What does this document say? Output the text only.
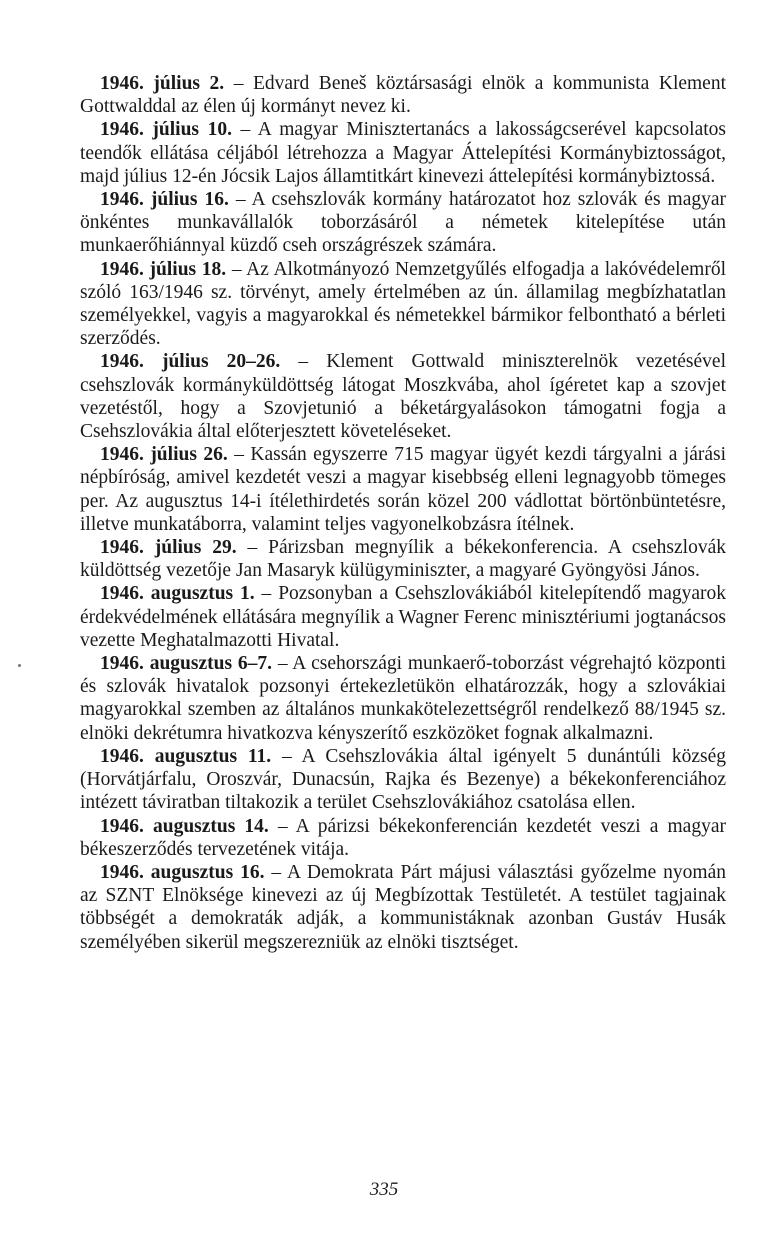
1946. július 2. – Edvard Beneš köztársasági elnök a kommunista Klement Gottwalddal az élen új kormányt nevez ki.

1946. július 10. – A magyar Minisztertanács a lakosságcserével kapcsolatos teendők ellátása céljából létrehozza a Magyar Áttelepítési Kormánybiztosságot, majd július 12-én Jócsik Lajos államtitkárt kinevezi áttelepítési kormánybiztossá.

1946. július 16. – A csehszlovák kormány határozatot hoz szlovák és magyar önkéntes munkavállalók toborzásáról a németek kitelepítése után munkaerőhiánnyal küzdő cseh országrészek számára.

1946. július 18. – Az Alkotmányozó Nemzetgyűlés elfogadja a lakóvédelemről szóló 163/1946 sz. törvényt, amely értelmében az ún. államilag megbízhatatlan személyekkel, vagyis a magyarokkal és németekkel bármikor felbontható a bérleti szerződés.

1946. július 20–26. – Klement Gottwald miniszterelnök vezetésével csehszlovák kormányküldöttség látogat Moszkvába, ahol ígéretet kap a szovjet vezetéstől, hogy a Szovjetunió a béketárgyalásokon támogatni fogja a Csehszlovákia által előterjesztett követeléseket.

1946. július 26. – Kassán egyszerre 715 magyar ügyét kezdi tárgyalni a járási népbíróság, amivel kezdetét veszi a magyar kisebbség elleni legnagyobb tömeges per. Az augusztus 14-i ítélethirdetés során közel 200 vádlottat börtönbüntetésre, illetve munkatáborra, valamint teljes vagyonelkobzásra ítélnek.

1946. július 29. – Párizsban megnyílik a békekonferencia. A csehszlovák küldöttség vezetője Jan Masaryk külügyminiszter, a magyaré Gyöngyösi János.

1946. augusztus 1. – Pozsonyban a Csehszlovákiából kitelepítendő magyarok érdekvédelmének ellátására megnyílik a Wagner Ferenc minisztériumi jogtanácsos vezette Meghatalmazotti Hivatal.

1946. augusztus 6–7. – A csehországi munkaerő-toborzást végrehajtó központi és szlovák hivatalok pozsonyi értekezletükön elhatározzák, hogy a szlovákiai magyarokkal szemben az általános munkakötelezettségről rendelkező 88/1945 sz. elnöki dekrétumra hivatkozva kényszerítő eszközöket fognak alkalmazni.

1946. augusztus 11. – A Csehszlovákia által igényelt 5 dunántúli község (Horvátjárfalu, Oroszvár, Dunacsún, Rajka és Bezenye) a békekonferenciához intézett táviratban tiltakozik a terület Csehszlovákiához csatolása ellen.

1946. augusztus 14. – A párizsi békekonferencián kezdetét veszi a magyar békeszerződés tervezetének vitája.

1946. augusztus 16. – A Demokrata Párt májusi választási győzelme nyomán az SZNT Elnöksége kinevezi az új Megbízottak Testületét. A testület tagjainak többségét a demokraták adják, a kommunistáknak azonban Gustáv Husák személyében sikerül megszerezniük az elnöki tisztséget.

335
